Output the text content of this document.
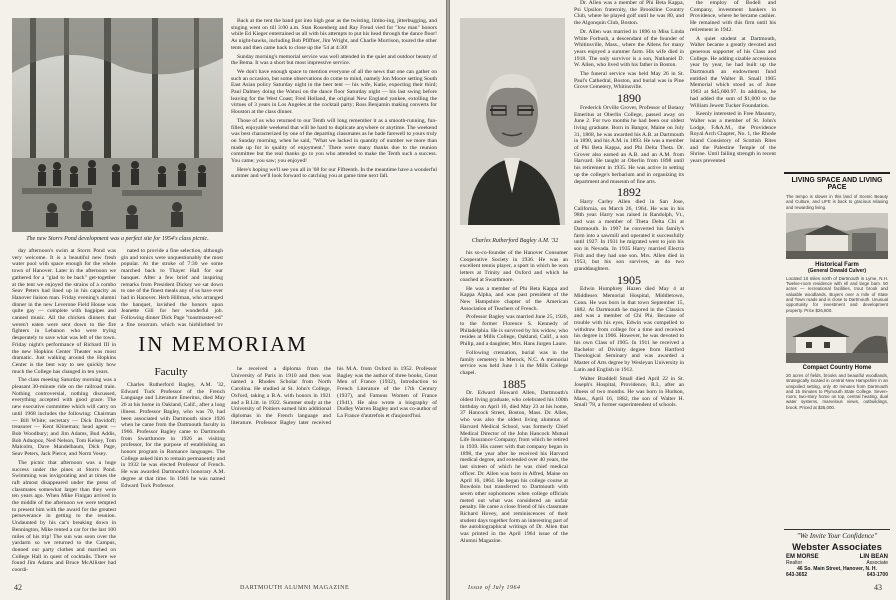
The new Storrs Pond development was a perfect site for 1954's class picnic.

day afternoon's swim at Storrs Pond was very welcome. It is a beautiful new fresh water pool with space enough for the whole town of Hanover. Later in the afternoon we gathered for a "glad to be back" get-together at the tent we enjoyed the strains of a combo Seav Peters had lined up in his capacity as Hanover liaison man. Friday evening's alumni dinner in the new Leverone Field House was quite gay — complete with bagpipes and canned music. All the chicken dinners that weren't eaten were sent down to the fire fighters in Lebanon who were trying desperately to save what was left of the town. Friday night's performance of Richard III in the new Hopkins Center Theater was most dramatic. Just walking around the Hopkins Center is the best way to see quickly how much the College has changed in ten years.

The class meeting Saturday morning was a pleasant 30-minute ride on the railroad train. Nothing controversial, nothing discussed, everything accepted with good grace. The new executive committee which will carry on until 1968 includes the following: Chairman — Bill White; secretary — Dick Davidoff; treasurer — Kent Klineman; head agent — Bob Woodbury; and Jim Adams, Bud Addis, Bob Adnopoz, Ned Nelson, Tom Kelsey, Tom Malcolm, Dave Mandelbaum, Dick Page, Seav Peters, Jack Pierce, and Norm Vesey.

The picnic that afternoon was a huge success under the pines at Storrs Pond. Swimming was invigorating and at times the raft almost disappeared under the press of classmates somewhat larger than they were ten years ago. When Mike Finigan arrived in the middle of the afternoon we were tempted to present him with the award for the greatest perseverance in getting to the reunion. Undaunted by his car's breaking down in Bennington, Mike rented a car for the last 100 miles of his trip! The sun was soon over the yardarm so we returned to the Campus, donned our party clothes and marched on College Hall in quest of cocktails. There we found Jim Adams and Bruce McAllister had coordi-

nated to provide a fine selection, although gin and tonics were unquestionably the most popular. At the stroke of 7:30 we some marched back to Thayer Hall for our banquet. After a few brief and inspiring remarks from President Dickey we sat down to one of the finest meals any of us have ever had in Hanover. Herb Hillman, who arranged the banquet, lavished the honors upon Jeanette Gill for her wonderful job. Following dinner Dick Page "toastmaster-ed" a fine program, which was highlighted by

Back at the tent the band got into high gear as the twisting, limbo-ing, jitterbugging, and singing went on till 3:00 a.m. Stan Rosenberg and Ray Freud vied for "low man" honors while Ed Kieger entertained us all with his attempts to put his head through the dance floor! As night-hawks, including Bob Pfiffner, Jim Wright, and Charlie Morrison, toured the other tents and then came back to close up the '54 at 4:30!

Sunday morning's memorial service was well attended in the quiet and outdoor beauty of the Bema. It was a short but most impressive service.

We don't have enough space to mention everyone of all the news that one can gather on such an occasion, but some observations do come to mind, namely Jon Moore setting South East Asian policy Saturday night in the beer tent — his wife, Katie, expecting their third; Paul Dalmey doing the Watusi on the dance floor Saturday night — his last swing before leaving for the West Coast; Fred Holland, the original New England yankee, extolling the virtues of 3 years in Los Angeles at the cocktail party; Ross Benjamin making converts for Houston at the class dinner.

Those of us who returned to our Tenth will long remember it as a smooth-running, fun-filled, enjoyable weekend that will be hard to duplicate anywhere or anytime. The weekend was best characterized by one of the departing classmates as he bade farewell to yours truly on Sunday morning, when he said, "What we lacked in quantity of number we more than made up for in quality of enjoyment." There were many thanks due to the reunion committee but the real thanks go to you who attended to make the Tenth such a success. You came; you saw; you enjoyed!

Here's hoping we'll see you all in '68 for our Fifteenth. In the meantime have a wonderful summer and we'll look forward to catching you at game time next fall.

IN MEMORIAM
Faculty

Charles Rutherford Bagley, A.M. '32, Edward Tuck Professor of the French Language and Literature Emeritus, died May 26 at his home in Oakland, Calif., after a long illness. Professor Bagley, who was 70, had been associated with Dartmouth since 1926 when he came from the Dartmouth faculty in 1966. Professor Bagley came to Dartmouth from Swarthmore in 1926 as visiting professor, for the purpose of establishing an honors program in Romance languages. The College asked him to remain permanently and in 1932 he was elected Professor of French. He was awarded Dartmouth's honorary A.M. degree at that time. In 1946 he was named Edward Tuck Professor.

he received a diploma from the University of Paris in 1910 and then was named a Rhodes Scholar from North Carolina. He studied at St. John's College, Oxford, taking a B.A. with honors in 1921 and a B.Litt. in 1922. Summer study at the University of Poitiers earned him additional diplomas in the French language and literature. Professor Bagley later received his M.A. from Oxford in 1952. Professor Bagley was the author of three books, Great Men of France (1932), Introduction to French Literature of the 17th Century (1937), and Famous Women of France (1941). He also wrote a biography of Dudley Warren Bagley and was co-author of La France d'autrefois et d'aujourd'hui.

42	DARTMOUTH ALUMNI MAGAZINE
Charles Rutherford Bagley A.M. '32

his so-co-founder of the Hanover Consumer Cooperative Society in 1936. He was an excellent tennis player, a sport in which he won letters at Trinity and Oxford and which he coached at Swarthmore.

He was a member of Phi Beta Kappa and Kappa Alpha, and was past president of the New Hampshire chapter of the American Association of Teachers of French.

Professor Bagley was married June 25, 1926, to the former Florence S. Kennedy of Philadelphia. He is survived by his widow, who resides at Mills College, Oakland, Calif., a son Philip, and a daughter, Mrs. Hans Jurgen Laure.

Following cremation, burial was in the family cemetery in Merock, N.C. A memorial service was held June 1 in the Mills College chapel.

1885

Dr. Edward Howard Allen, Dartmouth's oldest living graduate, who celebrated his 100th birthday on April 16, died May 23 at his home, 37 Hancock Street, Boston, Mass. Dr. Allen, who was also the oldest living alumnus of Harvard Medical School, was formerly Chief Medical Director of the John Hancock Mutual Life Insurance Company, from which he retired in 1939. His career with that company began in 1898, the year after he received his Harvard medical degree, and extended over 40 years, the last sixteen of which he was chief medical officer. Dr. Allen was born in Alfred, Maine on April 16, 1864. He began his college course at Bowdoin but transferred to Dartmouth with seven other sophomores when college officials meted out what was considered an unfair penalty. He came a close friend of his classmate Richard Hovey, and reminiscences of their student days together form an interesting part of the autobiographical writings of Dr. Allen that was printed in the April 1964 issue of the Alumni Magazine.

Dr. Allen was a member of Phi Beta Kappa, Psi Upsilon fraternity, the Brookline Country Club, where he played golf until he was 80, and the Algonquin Club, Boston.

Dr. Allen was married in 1896 to Miss Linda White Forbush, a descendant of the founder of Whitinsville, Mass., where the Allens for many years enjoyed a summer farm. His wife died in 1918. The only survivor is a son, Nathaniel D. W. Allen, who lived with his father in Boston.

The funeral service was held May 26 in St. Paul's Cathedral, Boston, and burial was in Pine Grove Cemetery, Whitinsville.

1890

Frederick Orville Grover, Professor of Botany Emeritus at Oberlin College, passed away on June 2. For two months he had been our oldest living graduate. Born in Bangor, Maine on July 31, 1868, he was awarded his A.B. at Dartmouth in 1890, and his A.M. in 1893. He was a member of Phi Beta Kappa, and Phi Delta Theta. Dr. Grover also earned an A.B. and an A.M. from Harvard. He taught at Oberlin from 1898 until his retirement in 1935. He was active in setting up the college's herbarium and in organizing its department and museum of fine arts.

1892

Harry Carley Allen died in San Jose, California, on March 26, 1964. He was in his 98th year. Harry was raised in Randolph, Vt., and was a member of Theta Delta Chi at Dartmouth. In 1907 he converted his family's farm into a sawmill and operated it successfully until 1927. In 1931 he migrated west to join his son in Nevada. In 1935 Harry married Electra Fish and they had one son. Mrs. Allen died in 1953, but his son survives, as do two granddaughters.

1905

Edwin Humphrey Hazen died May 4 at Middlesex Memorial Hospital, Middletown, Conn. He was born in that town September 15, 1882. At Dartmouth he majored in the Classics and was a member of Chi Phi. Because of trouble with his eyes, Edwin was compelled to withdraw from college for a time and received his degree in 1906. However, he was devoted to his own Class of 1905. In 1911 he received a Bachelor of Divinity degree from Hartford Theological Seminary and was awarded a Master of Arts degree by Wesleyan University in Latin and English in 1912.

Walter Braddell Small died April 22 in St. Joseph's Hospital, Providence, R.I., after an illness of two months. He was born in Hudson, Mass., April 16, 1882, the son of Walter H. Small '78, a former superintendent of schools.

the employ of Bodell and Company, investment bankers in Providence, where he became cashier. He remained with this firm until his retirement in 1942.

A quiet student at Dartmouth, Walter became a greatly devoted and generous supporter of his Class and College. He adding sizable accessions year by year, he had built up the Dartmouth an endowment fund entitled the Walter B. Small 1905 Memorial which stood as of June 1963 at $45,600.97. In addition, he had added the sum of $1,000 to the William Jewett Tucker Foundation.

Keenly interested in Free Masonry, Walter was a member of St. John's Lodge, F.&A.M., the Providence Royal Arch Chapter, No. 1, the Rhode Island Consistory of Scottish Rites and the Palestine Temple of the Shrine. Until failing strength in recent years prevented

LIVING SPACE AND LIVING PACE
The tempo is slower in this land of Scenic Beauty and Culture, and LIFE is back to gracious relaxing and rewarding living.
Historical Farm
(General Oswald Culver)
Located 10 miles north of Dartmouth in Lyme, N.H. Twelve-room residence with ell and large barn. 50 acres — recreational facilities, trout brook and valuable woodlands. Buyers over a mile of State and Town roads and is close to Dartmouth. Unusual opportunity for investment and development property. Price $26,800.
Compact Country Home
20 acres of fields, brooks and beautiful woodlands, strategically located in central New Hampshire in an unspoiled setting, only 40 minutes from Dartmouth and 15 minutes to Plymouth State College. Seven-room, two-story home on top, central heating, dual water systems, marvelous views, outbuildings, brook. Priced at $35,000.
"We Invite Your Confidence"
Webster Associates
EM MORSE	LIN BEAN
Realtor	Associate
46 So. Main Street, Hanover, N. H.
643-3652	643-1700
Issue of July 1964	43
